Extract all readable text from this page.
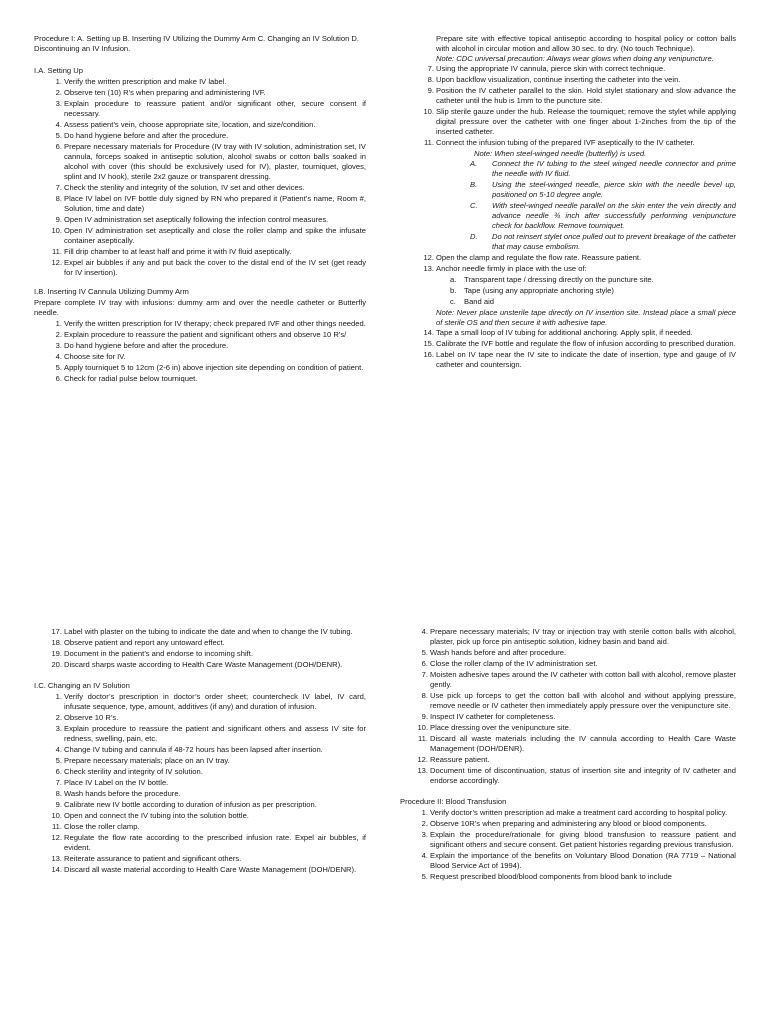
Procedure I: A. Setting up B. Inserting IV Utilizing the Dummy Arm C. Changing an IV Solution D. Discontinuing an IV Infusion.
I.A. Setting Up
1. Verify the written prescription and make IV label.
2. Observe ten (10) R’s when preparing and administering IVF.
3. Explain procedure to reassure patient and/or significant other, secure consent if necessary.
4. Assess patient’s vein, choose appropriate site, location, and size/condition.
5. Do hand hygiene before and after the procedure.
6. Prepare necessary materials for Procedure (IV tray with IV solution, administration set, IV cannula, forceps soaked in antiseptic solution, alcohol swabs or cotton balls soaked in alcohol with cover (this should be exclusively used for IV), plaster, tourniquet, gloves, splint and IV hook), sterile 2x2 gauze or transparent dressing.
7. Check the sterility and integrity of the solution, IV set and other devices.
8. Place IV label on IVF bottle duly signed by RN who prepared it (Patient’s name, Room #, Solution, time and date)
9. Open IV administration set aseptically following the infection control measures.
10. Open IV administration set aseptically and close the roller clamp and spike the infusate container aseptically.
11. Fill drip chamber to at least half and prime it with IV fluid aseptically.
12. Expel air bubbles if any and put back the cover to the distal end of the IV set (get ready for IV insertion).
I.B. Inserting IV Cannula Utilizing Dummy Arm

Prepare complete IV tray with infusions: dummy arm and over the needle catheter or Butterfly needle.

1. Verify the written prescription for IV therapy; check prepared IVF and other things needed.
2. Explain procedure to reassure the patient and significant others and observe 10 R’s/
3. Do hand hygiene before and after the procedure.
4. Choose site for IV.
5. Apply tourniquet 5 to 12cm (2-6 in) above injection site depending on condition of patient.
6. Check for radial pulse below tourniquet.
Prepare site with effective topical antiseptic according to hospital policy or cotton balls with alcohol in circular motion and allow 30 sec. to dry. (No touch Technique).
Note: CDC universal precaution: Always wear glows when doing any venipuncture.
7. Using the appropriate IV cannula, pierce skin with correct technique.
8. Upon backflow visualization, continue inserting the catheter into the vein.
9. Position the IV catheter parallel to the skin. Hold stylet stationary and slow advance the catheter until the hub is 1mm to the puncture site.
10. Slip sterile gauze under the hub. Release the tourniquet; remove the stylet while applying digital pressure over the catheter with one finger about 1-2inches from the tip of the inserted catheter.
11. Connect the infusion tubing of the prepared IVF aseptically to the IV catheter.
Note: When steel-winged needle (butterfly) is used.
A. Connect the IV tubing to the steel winged needle connector and prime the needle with IV fluid.
B. Using the steel-winged needle, pierce skin with the needle bevel up, positioned on 5-10 degree angle.
C. With steel-winged needle parallel on the skin enter the vein directly and advance needle ¾ inch after successfully performing venipuncture check for backflow. Remove tourniquet.
D. Do not reinsert stylet once pulled out to prevent breakage of the catheter that may cause embolism.
12. Open the clamp and regulate the flow rate. Reassure patient.
13. Anchor needle firmly in place with the use of:
a. Transparent tape / dressing directly on the puncture site.
b. Tape (using any appropriate anchoring style)
c. Band aid
Note: Never place unsterile tape directly on IV insertion site. Instead place a small piece of sterile OS and then secure it with adhesive tape.
14. Tape a small loop of IV tubing for additional anchoring. Apply split, if needed.
15. Calibrate the IVF bottle and regulate the flow of infusion according to prescribed duration.
16. Label on IV tape near the IV site to indicate the date of insertion, type and gauge of IV catheter and countersign.
17. Label with plaster on the tubing to indicate the date and when to change the IV tubing.
18. Observe patient and report any untoward effect.
19. Document in the patient’s and endorse to incoming shift.
20. Discard sharps waste according to Health Care Waste Management (DOH/DENR).
I.C. Changing an IV Solution
1. Verify doctor’s prescription in doctor’s order sheet; countercheck IV label, IV card, infusate sequence, type, amount, additives (if any) and duration of infusion.
2. Observe 10 R’s.
3. Explain procedure to reassure the patient and significant others and assess IV site for redness, swelling, pain, etc.
4. Change IV tubing and cannula if 48-72 hours has been lapsed after insertion.
5. Prepare necessary materials; place on an IV tray.
6. Check sterility and integrity of IV solution.
7. Place IV Label on the IV bottle.
8. Wash hands before the procedure.
9. Calibrate new IV bottle according to duration of infusion as per prescription.
10. Open and connect the IV tubing into the solution bottle.
11. Close the roller clamp.
12. Regulate the flow rate according to the prescribed infusion rate. Expel air bubbles, if evident.
13. Reiterate assurance to patient and significant others.
14. Discard all waste material according to Health Care Waste Management (DOH/DENR).
4. Prepare necessary materials; IV tray or injection tray with sterile cotton balls with alcohol, plaster, pick up force pin antiseptic solution, kidney basin and band aid.
5. Wash hands before and after procedure.
6. Close the roller clamp of the IV administration set.
7. Moisten adhesive tapes around the IV catheter with cotton ball with alcohol, remove plaster gently.
8. Use pick up forceps to get the cotton ball with alcohol and without applying pressure, remove needle or IV catheter then immediately apply pressure over the venipuncture site.
9. Inspect IV catheter for completeness.
10. Place dressing over the venipuncture site.
11. Discard all waste materials including the IV cannula according to Health Care Waste Management (DOH/DENR).
12. Reassure patient.
13. Document time of discontinuation, status of insertion site and integrity of IV catheter and endorse accordingly.
Procedure II: Blood Transfusion
1. Verify doctor’s written prescription ad make a treatment card according to hospital policy.
2. Observe 10R’s when preparing and administering any blood or blood components.
3. Explain the procedure/rationale for giving blood transfusion to reassure patient and significant others and secure consent. Get patient histories regarding previous transfusion.
4. Explain the importance of the benefits on Voluntary Blood Donation (RA 7719 – National Blood Service Act of 1994).
5. Request prescribed blood/blood components from blood bank to include
